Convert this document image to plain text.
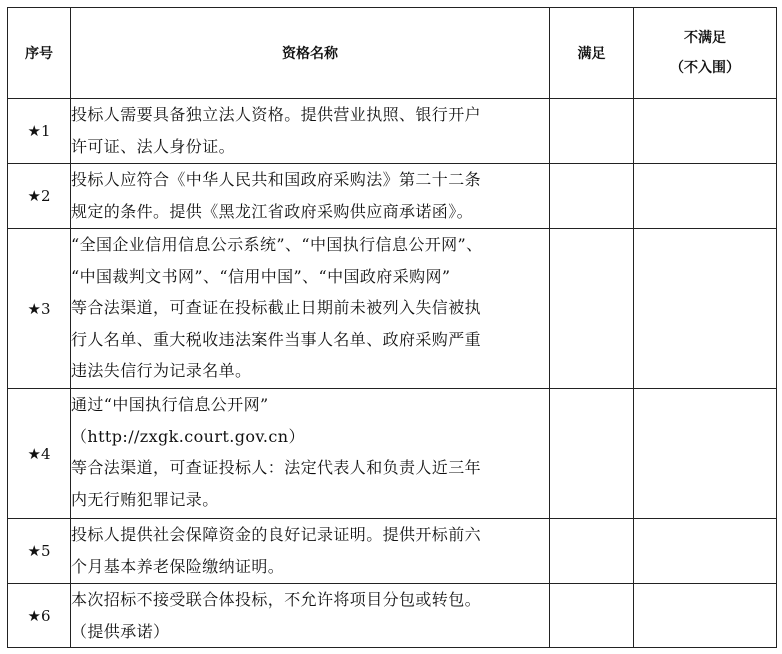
序号	资格名称	满足	不满足
（不入围）

★1	投标人需要具备独立法人资格。提供营业执照、银行开户
许可证、法人身份证。		

★2	投标人应符合《中华人民共和国政府采购法》第二十二条
规定的条件。提供《黑龙江省政府采购供应商承诺函》。		

★3	“全国企业信用信息公示系统”、“中国执行信息公开网”、
“中国裁判文书网”、“信用中国”、“中国政府采购网”
等合法渠道，可查证在投标截止日期前未被列入失信被执
行人名单、重大税收违法案件当事人名单、政府采购严重
违法失信行为记录名单。		

★4	通过“中国执行信息公开网”
（http://zxgk.court.gov.cn）
等合法渠道，可查证投标人：法定代表人和负责人近三年
内无行贿犯罪记录。		

★5	投标人提供社会保障资金的良好记录证明。提供开标前六
个月基本养老保险缴纳证明。		

★6	本次招标不接受联合体投标，不允许将项目分包或转包。
（提供承诺）		
